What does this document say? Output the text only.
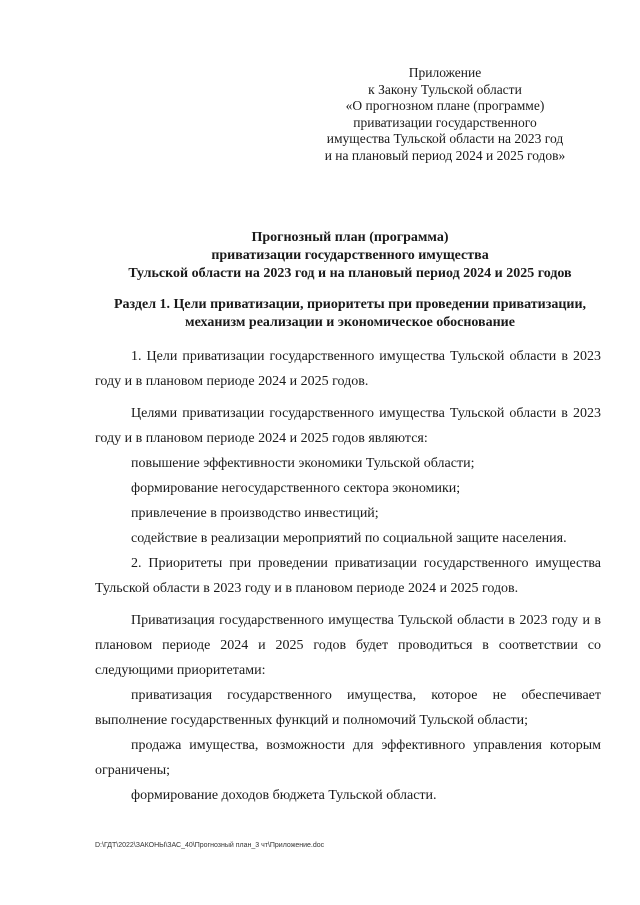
Приложение
к Закону Тульской области
«О прогнозном плане (программе)
приватизации государственного
имущества Тульской области на 2023 год
и на плановый период 2024 и 2025 годов»
Прогнозный план (программа)
приватизации государственного имущества
Тульской области на 2023 год и на плановый период 2024 и 2025 годов
Раздел 1. Цели приватизации, приоритеты при проведении приватизации,
механизм реализации и экономическое обоснование

1. Цели приватизации государственного имущества Тульской области в 2023 году и в плановом периоде 2024 и 2025 годов.

Целями приватизации государственного имущества Тульской области в 2023 году и в плановом периоде 2024 и 2025 годов являются:

повышение эффективности экономики Тульской области;

формирование негосударственного сектора экономики;

привлечение в производство инвестиций;

содействие в реализации мероприятий по социальной защите населения.

2. Приоритеты при проведении приватизации государственного имущества Тульской области в 2023 году и в плановом периоде 2024 и 2025 годов.

Приватизация государственного имущества Тульской области в 2023 году и в плановом периоде 2024 и 2025 годов будет проводиться в соответствии со следующими приоритетами:

приватизация государственного имущества, которое не обеспечивает выполнение государственных функций и полномочий Тульской области;

продажа имущества, возможности для эффективного управления которым ограничены;

формирование доходов бюджета Тульской области.

D:\ГДТ\2022\ЗАКОНЫ\ЗАС_40\Прогнозный план_3 чт\Приложение.doc
